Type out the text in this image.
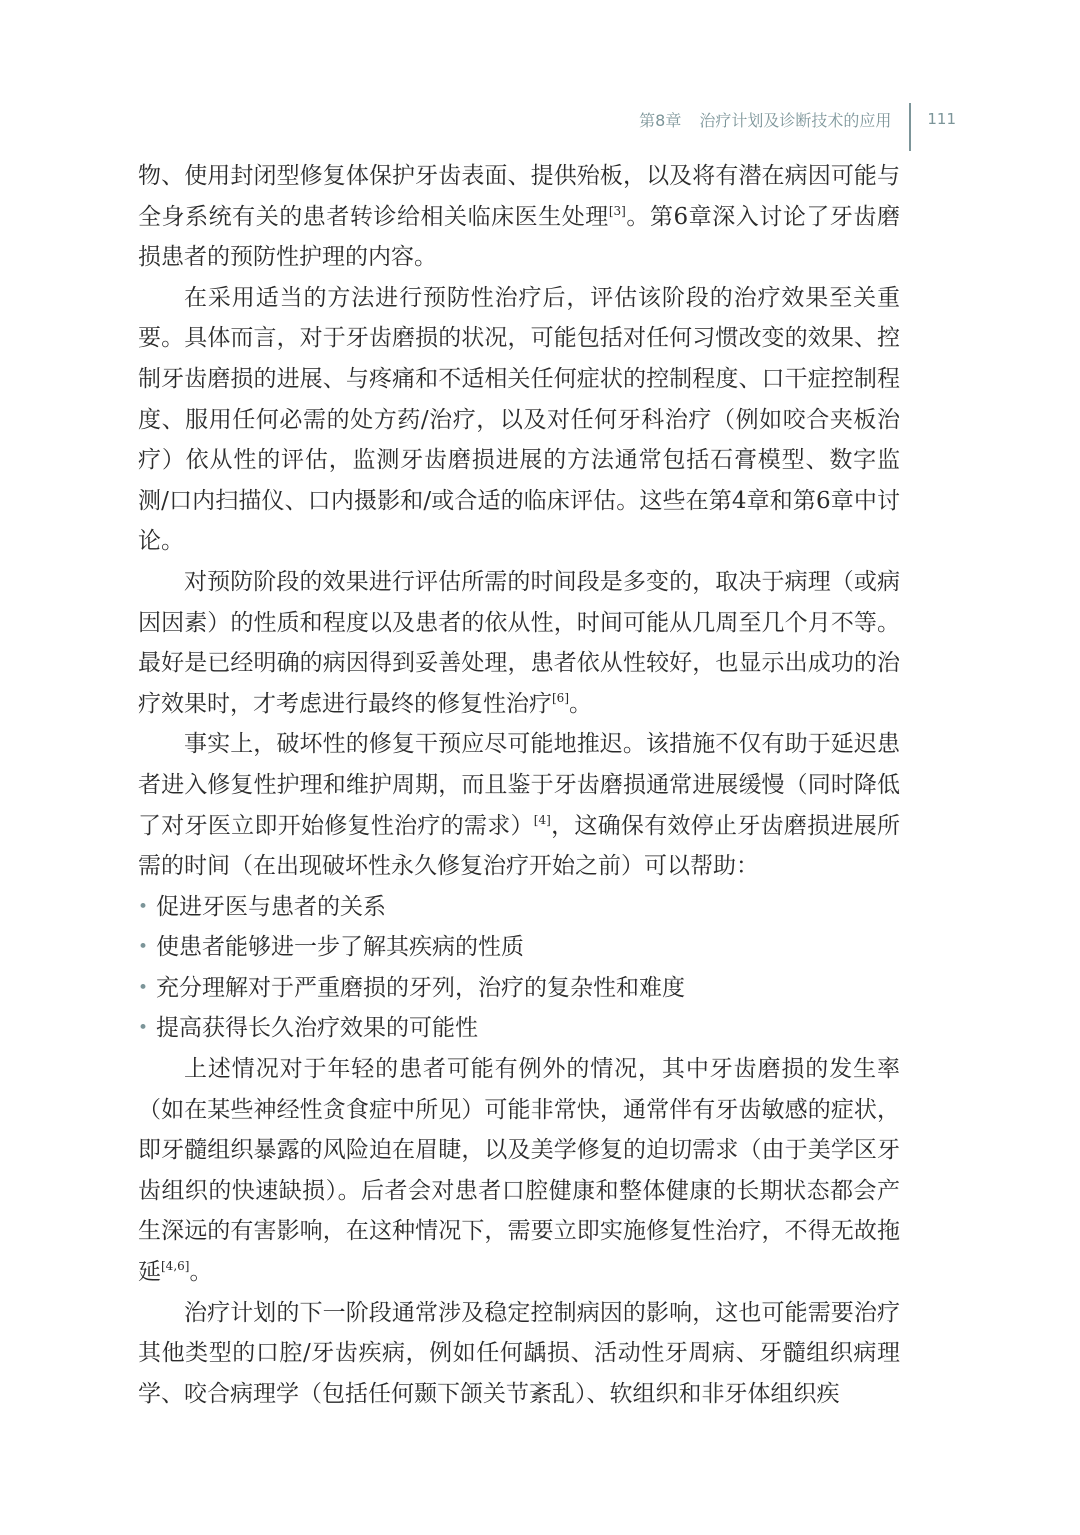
第8章 治疗计划及诊断技术的应用 111

物、使用封闭型修复体保护牙齿表面、提供殆板，以及将有潜在病因可能与全身系统有关的患者转诊给相关临床医生处理[3]。第6章深入讨论了牙齿磨损患者的预防性护理的内容。

在采用适当的方法进行预防性治疗后，评估该阶段的治疗效果至关重要。具体而言，对于牙齿磨损的状况，可能包括对任何习惯改变的效果、控制牙齿磨损的进展、与疼痛和不适相关任何症状的控制程度、口干症控制程度、服用任何必需的处方药/治疗，以及对任何牙科治疗（例如咬合夹板治疗）依从性的评估，监测牙齿磨损进展的方法通常包括石膏模型、数字监测/口内扫描仪、口内摄影和/或合适的临床评估。这些在第4章和第6章中讨论。

对预防阶段的效果进行评估所需的时间段是多变的，取决于病理（或病因因素）的性质和程度以及患者的依从性，时间可能从几周至几个月不等。最好是已经明确的病因得到妥善处理，患者依从性较好，也显示出成功的治疗效果时，才考虑进行最终的修复性治疗[6]。

事实上，破坏性的修复干预应尽可能地推迟。该措施不仅有助于延迟患者进入修复性护理和维护周期，而且鉴于牙齿磨损通常进展缓慢（同时降低了对牙医立即开始修复性治疗的需求）[4]，这确保有效停止牙齿磨损进展所需的时间（在出现破坏性永久修复治疗开始之前）可以帮助：

• 促进牙医与患者的关系
• 使患者能够进一步了解其疾病的性质
• 充分理解对于严重磨损的牙列，治疗的复杂性和难度
• 提高获得长久治疗效果的可能性

上述情况对于年轻的患者可能有例外的情况，其中牙齿磨损的发生率（如在某些神经性贪食症中所见）可能非常快，通常伴有牙齿敏感的症状，即牙髓组织暴露的风险迫在眉睫，以及美学修复的迫切需求（由于美学区牙齿组织的快速缺损）。后者会对患者口腔健康和整体健康的长期状态都会产生深远的有害影响，在这种情况下，需要立即实施修复性治疗，不得无故拖延[4,6]。

治疗计划的下一阶段通常涉及稳定控制病因的影响，这也可能需要治疗其他类型的口腔/牙齿疾病，例如任何龋损、活动性牙周病、牙髓组织病理学、咬合病理学（包括任何颞下颌关节紊乱）、软组织和非牙体组织疾
